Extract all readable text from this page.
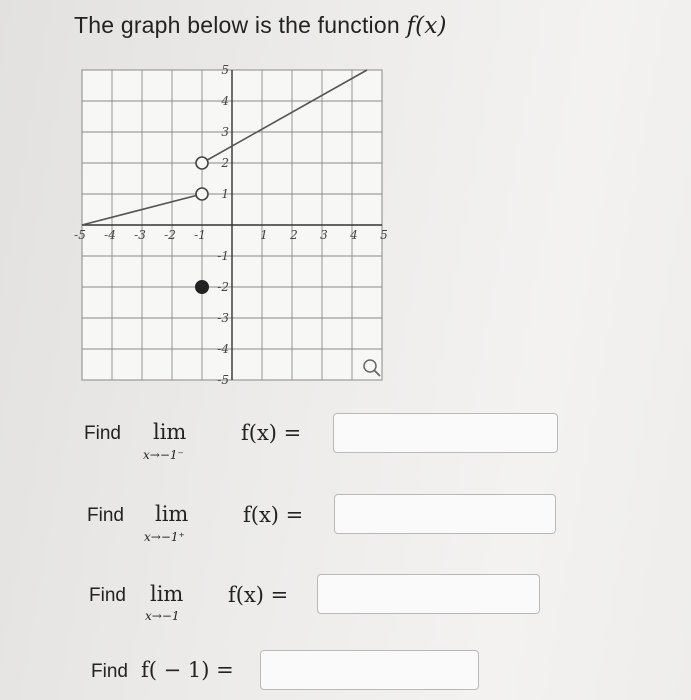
The graph below is the function f(x)
-5 -4 -3 -2 -1	1 2 3 4 5
5
4
3
2
1
-1
-2
-3
-4
-5
Find lim
x→−1⁻
f(x) =
Find lim
x→−1⁺
f(x) =
Find lim
x→−1
f(x) =
Find f( − 1) =
